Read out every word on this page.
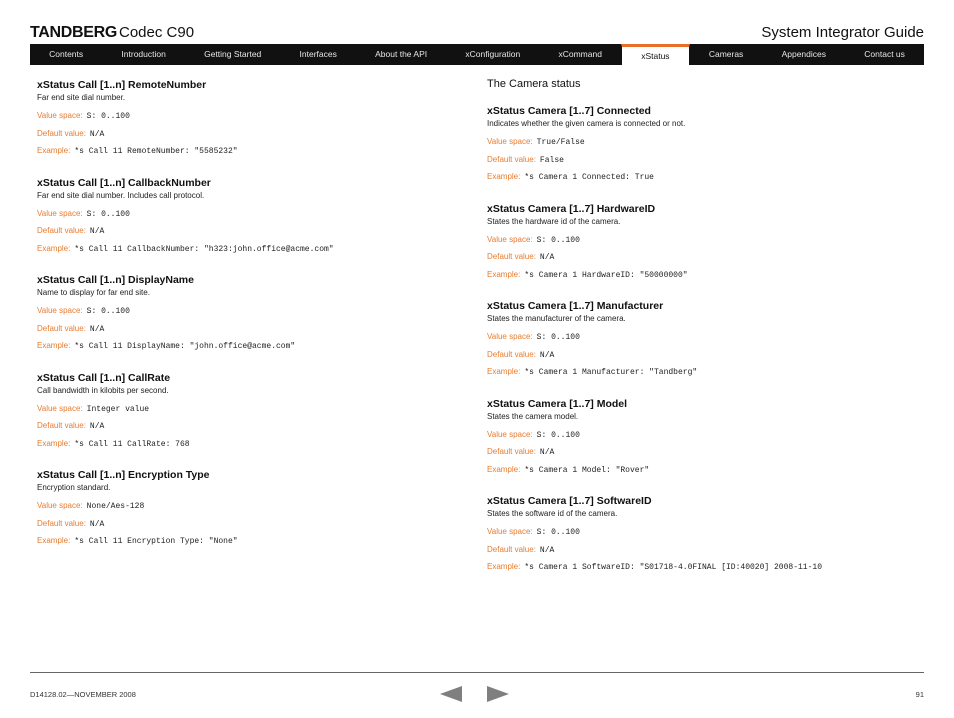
TANDBERG Codec C90	System Integrator Guide
Contents	Introduction	Getting Started	Interfaces	About the API	xConfiguration	xCommand	xStatus	Cameras	Appendices	Contact us
xStatus Call [1..n] RemoteNumber
Far end site dial number.
Value space: S: 0..100
Default value: N/A
Example: *s Call 11 RemoteNumber: "5585232"
xStatus Call [1..n] CallbackNumber
Far end site dial number. Includes call protocol.
Value space: S: 0..100
Default value: N/A
Example: *s Call 11 CallbackNumber: "h323:john.office@acme.com"
xStatus Call [1..n] DisplayName
Name to display for far end site.
Value space: S: 0..100
Default value: N/A
Example: *s Call 11 DisplayName: "john.office@acme.com"
xStatus Call [1..n] CallRate
Call bandwidth in kilobits per second.
Value space: Integer value
Default value: N/A
Example: *s Call 11 CallRate: 768
xStatus Call [1..n] Encryption Type
Encryption standard.
Value space: None/Aes-128
Default value: N/A
Example: *s Call 11 Encryption Type: "None"
The Camera status
xStatus Camera [1..7] Connected
Indicates whether the given camera is connected or not.
Value space: True/False
Default value: False
Example: *s Camera 1 Connected: True
xStatus Camera [1..7] HardwareID
States the hardware id of the camera.
Value space: S: 0..100
Default value: N/A
Example: *s Camera 1 HardwareID: "50000000"
xStatus Camera [1..7] Manufacturer
States the manufacturer of the camera.
Value space: S: 0..100
Default value: N/A
Example: *s Camera 1 Manufacturer: "Tandberg"
xStatus Camera [1..7] Model
States the camera model.
Value space: S: 0..100
Default value: N/A
Example: *s Camera 1 Model: "Rover"
xStatus Camera [1..7] SoftwareID
States the software id of the camera.
Value space: S: 0..100
Default value: N/A
Example: *s Camera 1 SoftwareID: "S01718-4.0FINAL [ID:40020] 2008-11-10
D14128.02—NOVEMBER 2008	91
